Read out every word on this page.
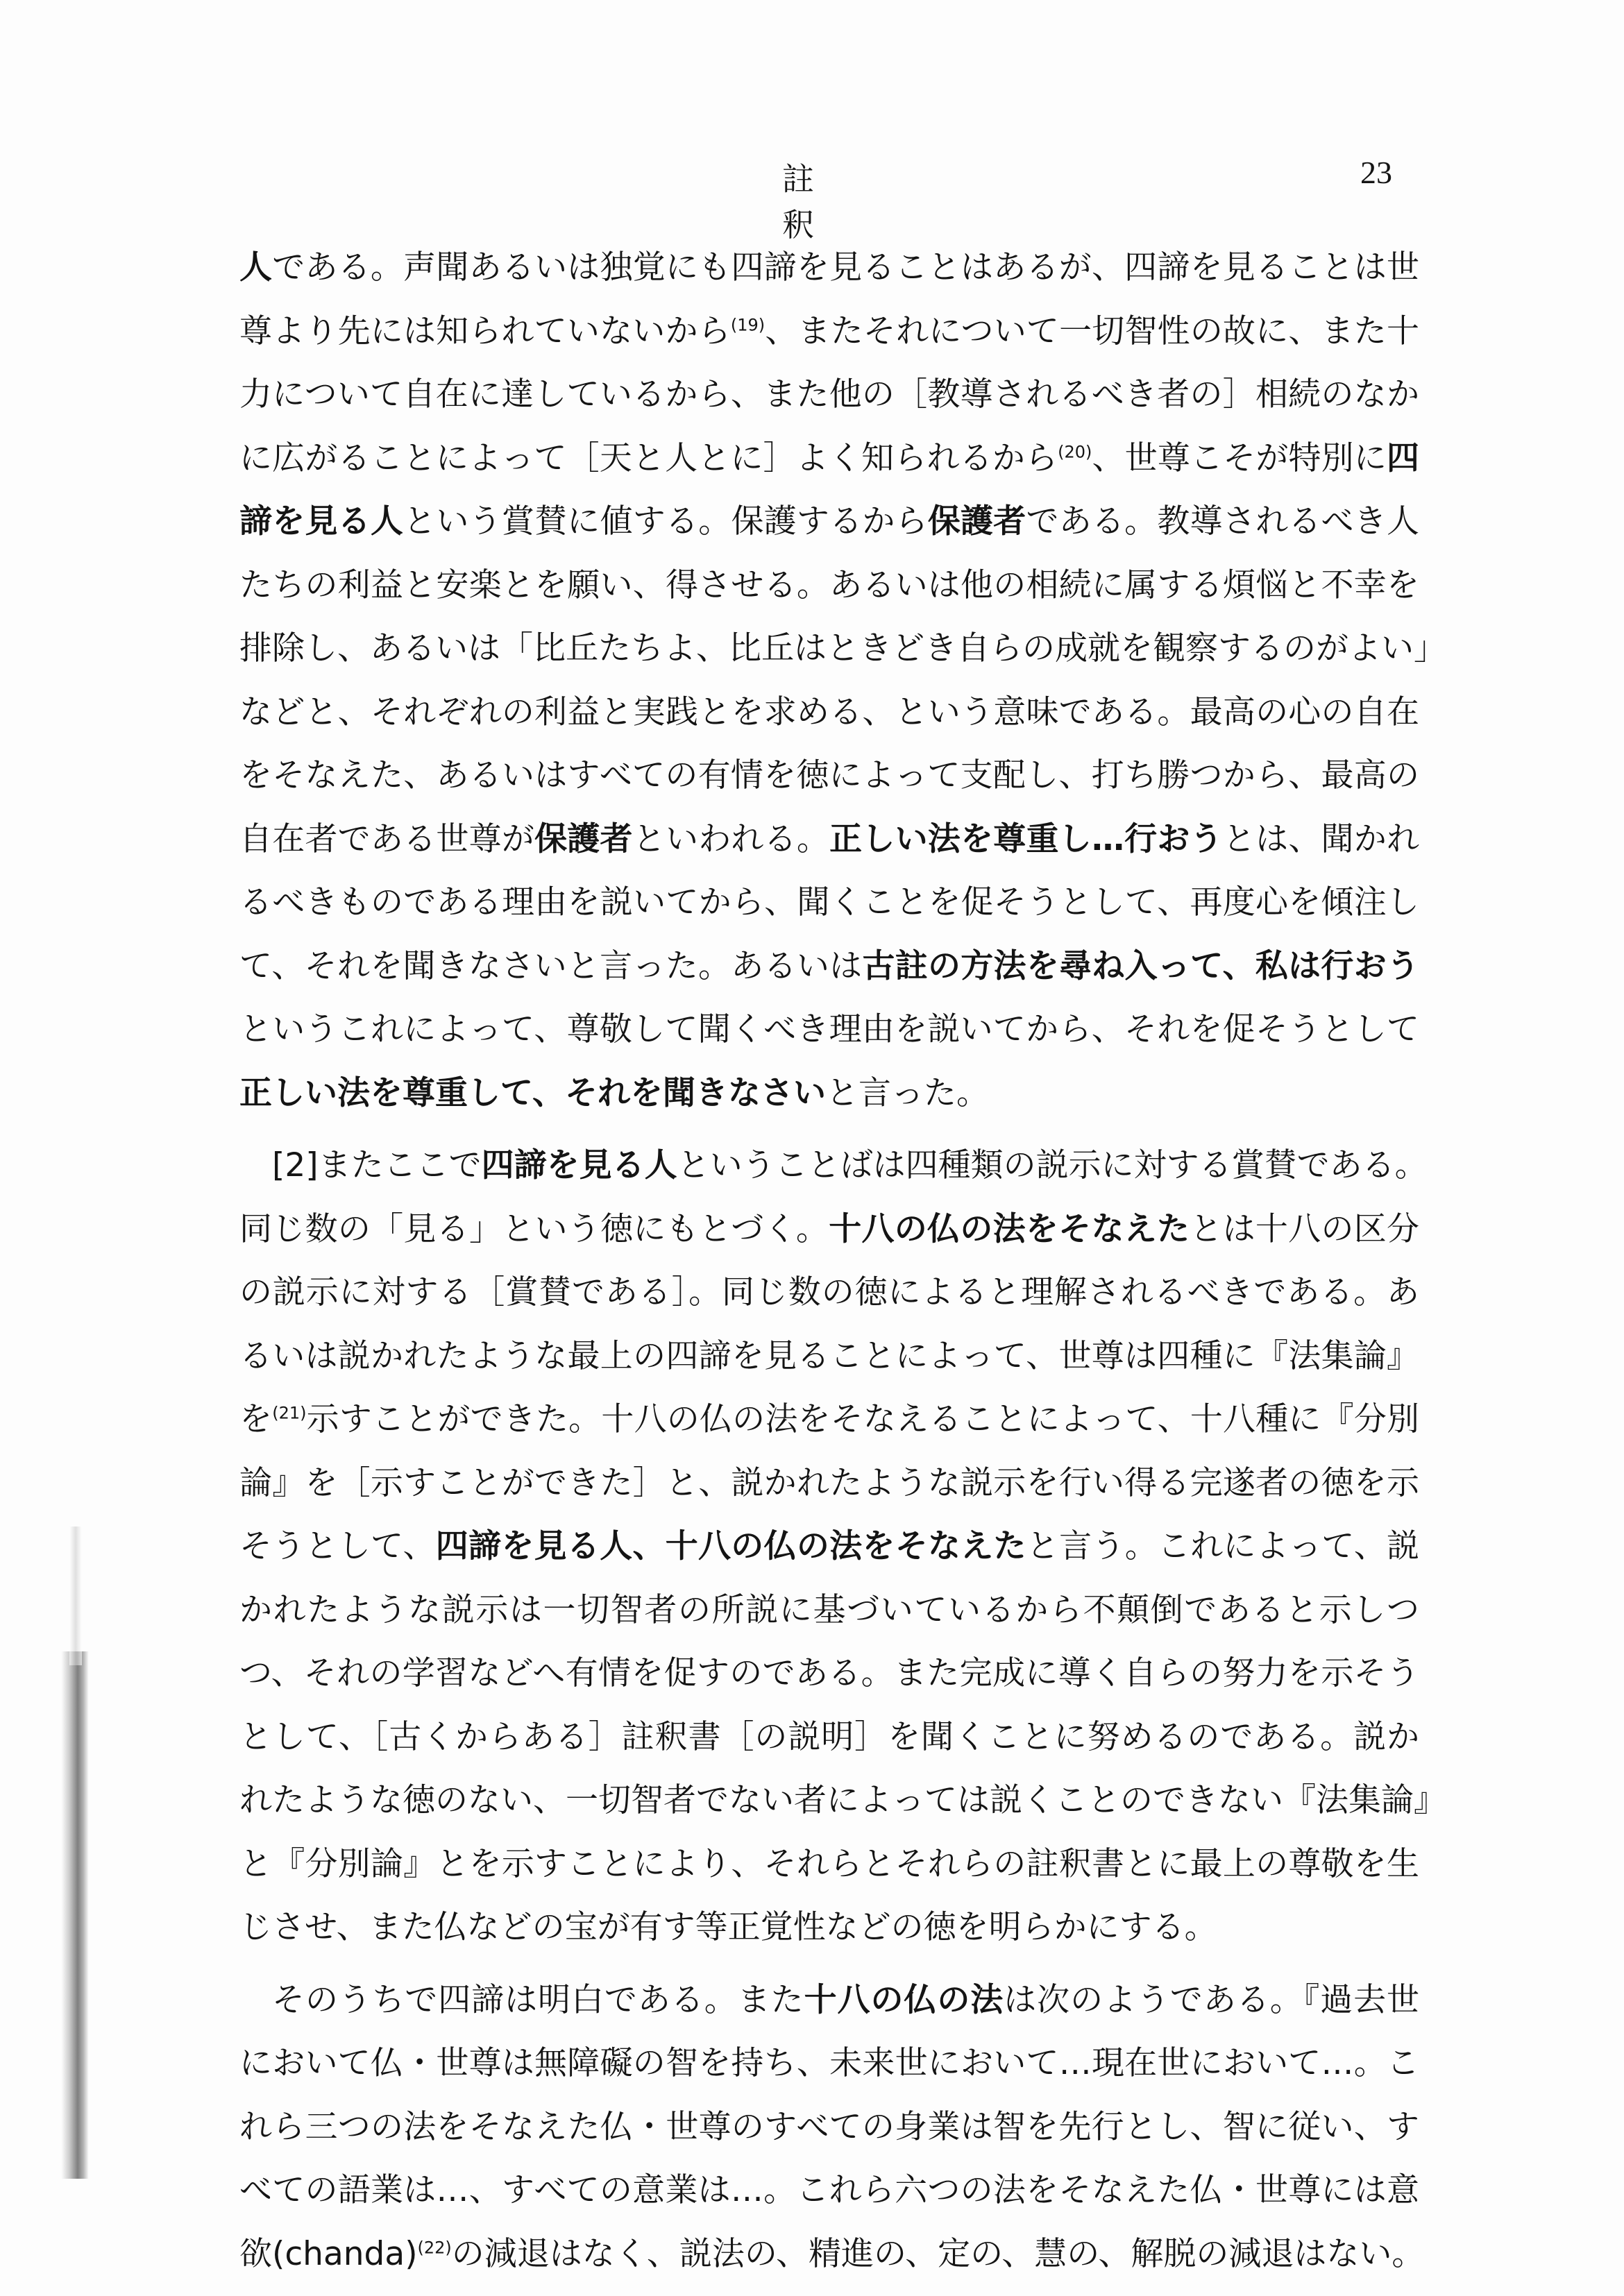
註　釈
23
人である。声聞あるいは独覚にも四諦を見ることはあるが、四諦を見ることは世
尊より先には知られていないから$^{(19)}$、またそれについて一切智性の故に、また十
力について自在に達しているから、また他の［教導されるべき者の］相続のなか
に広がることによって［天と人とに］よく知られるから$^{(20)}$、世尊こそが特別に四
諦を見る人という賞賛に値する。保護するから保護者である。教導されるべき人
たちの利益と安楽とを願い、得させる。あるいは他の相続に属する煩悩と不幸を
排除し、あるいは「比丘たちよ、比丘はときどき自らの成就を観察するのがよい」
などと、それぞれの利益と実践とを求める、という意味である。最高の心の自在
をそなえた、あるいはすべての有情を徳によって支配し、打ち勝つから、最高の
自在者である世尊が保護者といわれる。正しい法を尊重し…行おうとは、聞かれ
るべきものである理由を説いてから、聞くことを促そうとして、再度心を傾注し
て、それを聞きなさいと言った。あるいは古註の方法を尋ね入って、私は行おう
というこれによって、尊敬して聞くべき理由を説いてから、それを促そうとして
正しい法を尊重して、それを聞きなさいと言った。
[2]またここで四諦を見る人ということばは四種類の説示に対する賞賛である。
同じ数の「見る」という徳にもとづく。十八の仏の法をそなえたとは十八の区分
の説示に対する［賞賛である］。同じ数の徳によると理解されるべきである。あ
るいは説かれたような最上の四諦を見ることによって、世尊は四種に『法集論』
を$^{(21)}$示すことができた。十八の仏の法をそなえることによって、十八種に『分別
論』を［示すことができた］と、説かれたような説示を行い得る完遂者の徳を示
そうとして、四諦を見る人、十八の仏の法をそなえたと言う。これによって、説
かれたような説示は一切智者の所説に基づいているから不顛倒であると示しつ
つ、それの学習などへ有情を促すのである。また完成に導く自らの努力を示そう
として、［古くからある］註釈書［の説明］を聞くことに努めるのである。説か
れたような徳のない、一切智者でない者によっては説くことのできない『法集論』
と『分別論』とを示すことにより、それらとそれらの註釈書とに最上の尊敬を生
じさせ、また仏などの宝が有す等正覚性などの徳を明らかにする。
そのうちで四諦は明白である。また十八の仏の法は次のようである。『過去世
において仏・世尊は無障礙の智を持ち、未来世において…現在世において…。こ
れら三つの法をそなえた仏・世尊のすべての身業は智を先行とし、智に従い、す
べての語業は…、すべての意業は…。これら六つの法をそなえた仏・世尊には意
欲(chanda)$^{(22)}$の減退はなく、説法の、精進の、定の、慧の、解脱の減退はない。
